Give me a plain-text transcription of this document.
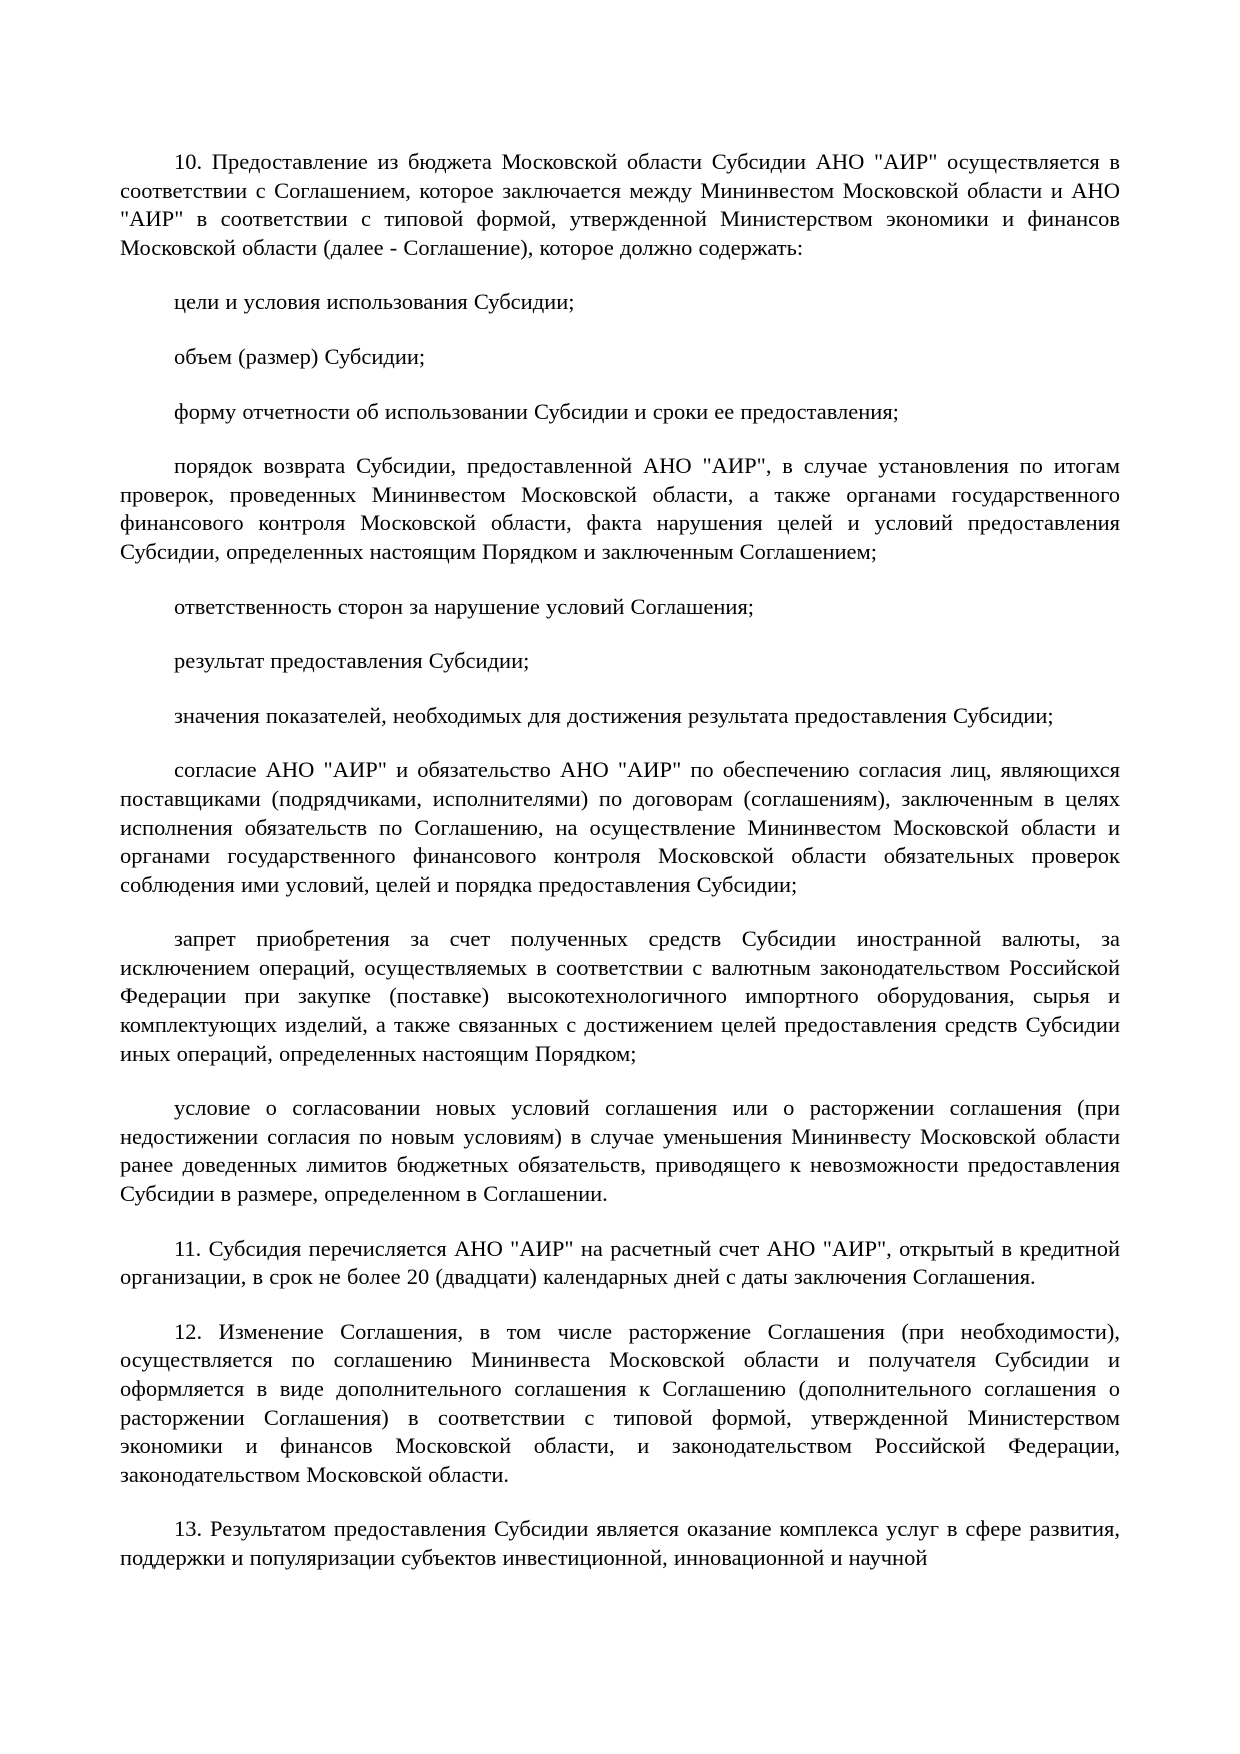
10. Предоставление из бюджета Московской области Субсидии АНО "АИР" осуществляется в соответствии с Соглашением, которое заключается между Мининвестом Московской области и АНО "АИР" в соответствии с типовой формой, утвержденной Министерством экономики и финансов Московской области (далее - Соглашение), которое должно содержать:

цели и условия использования Субсидии;

объем (размер) Субсидии;

форму отчетности об использовании Субсидии и сроки ее предоставления;

порядок возврата Субсидии, предоставленной АНО "АИР", в случае установления по итогам проверок, проведенных Мининвестом Московской области, а также органами государственного финансового контроля Московской области, факта нарушения целей и условий предоставления Субсидии, определенных настоящим Порядком и заключенным Соглашением;

ответственность сторон за нарушение условий Соглашения;

результат предоставления Субсидии;

значения показателей, необходимых для достижения результата предоставления Субсидии;

согласие АНО "АИР" и обязательство АНО "АИР" по обеспечению согласия лиц, являющихся поставщиками (подрядчиками, исполнителями) по договорам (соглашениям), заключенным в целях исполнения обязательств по Соглашению, на осуществление Мининвестом Московской области и органами государственного финансового контроля Московской области обязательных проверок соблюдения ими условий, целей и порядка предоставления Субсидии;

запрет приобретения за счет полученных средств Субсидии иностранной валюты, за исключением операций, осуществляемых в соответствии с валютным законодательством Российской Федерации при закупке (поставке) высокотехнологичного импортного оборудования, сырья и комплектующих изделий, а также связанных с достижением целей предоставления средств Субсидии иных операций, определенных настоящим Порядком;

условие о согласовании новых условий соглашения или о расторжении соглашения (при недостижении согласия по новым условиям) в случае уменьшения Мининвесту Московской области ранее доведенных лимитов бюджетных обязательств, приводящего к невозможности предоставления Субсидии в размере, определенном в Соглашении.

11. Субсидия перечисляется АНО "АИР" на расчетный счет АНО "АИР", открытый в кредитной организации, в срок не более 20 (двадцати) календарных дней с даты заключения Соглашения.

12. Изменение Соглашения, в том числе расторжение Соглашения (при необходимости), осуществляется по соглашению Мининвеста Московской области и получателя Субсидии и оформляется в виде дополнительного соглашения к Соглашению (дополнительного соглашения о расторжении Соглашения) в соответствии с типовой формой, утвержденной Министерством экономики и финансов Московской области, и законодательством Российской Федерации, законодательством Московской области.

13. Результатом предоставления Субсидии является оказание комплекса услуг в сфере развития, поддержки и популяризации субъектов инвестиционной, инновационной и научной
